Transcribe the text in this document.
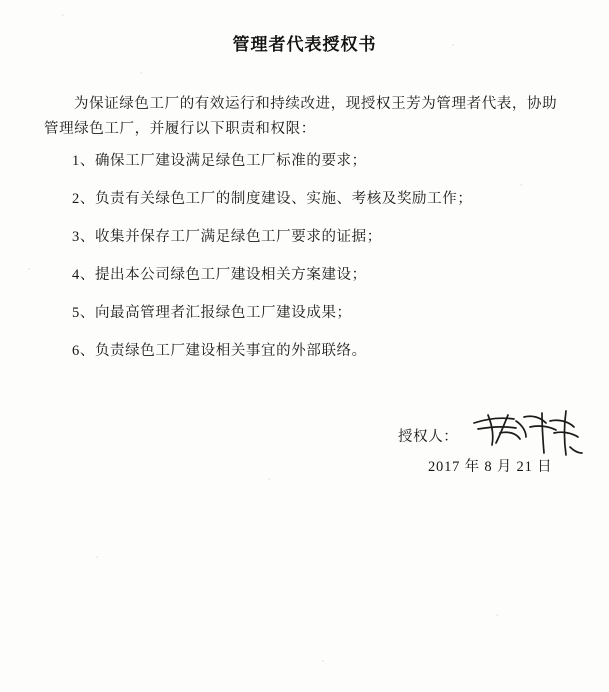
管理者代表授权书
为保证绿色工厂的有效运行和持续改进，现授权王芳为管理者代表，协助管理绿色工厂，并履行以下职责和权限：
1、确保工厂建设满足绿色工厂标准的要求；
2、负责有关绿色工厂的制度建设、实施、考核及奖励工作；
3、收集并保存工厂满足绿色工厂要求的证据；
4、提出本公司绿色工厂建设相关方案建设；
5、向最高管理者汇报绿色工厂建设成果；
6、负责绿色工厂建设相关事宜的外部联络。
授权人：
2017 年 8 月 21 日
